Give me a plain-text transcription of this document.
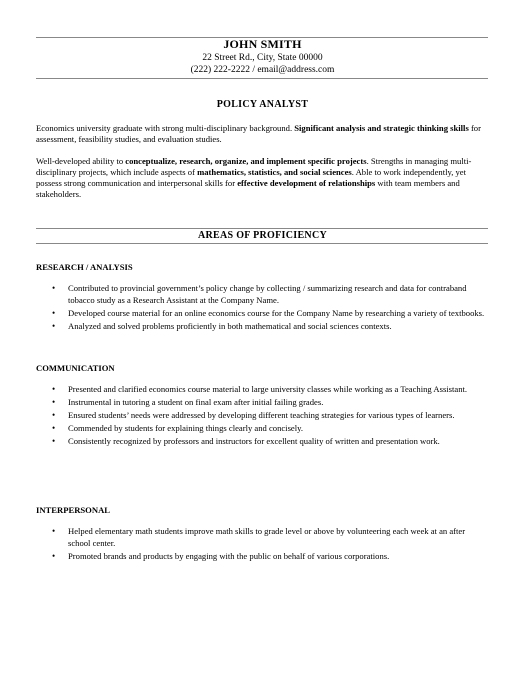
JOHN SMITH
22 Street Rd., City, State 00000
(222) 222-2222 / email@address.com
POLICY ANALYST
Economics university graduate with strong multi-disciplinary background. Significant analysis and strategic thinking skills for assessment, feasibility studies, and evaluation studies.
Well-developed ability to conceptualize, research, organize, and implement specific projects. Strengths in managing multi-disciplinary projects, which include aspects of mathematics, statistics, and social sciences. Able to work independently, yet possess strong communication and interpersonal skills for effective development of relationships with team members and stakeholders.
AREAS OF PROFICIENCY
RESEARCH / ANALYSIS
• Contributed to provincial government’s policy change by collecting / summarizing research and data for contraband tobacco study as a Research Assistant at the Company Name.
• Developed course material for an online economics course for the Company Name by researching a variety of textbooks.
• Analyzed and solved problems proficiently in both mathematical and social sciences contexts.
COMMUNICATION
• Presented and clarified economics course material to large university classes while working as a Teaching Assistant.
• Instrumental in tutoring a student on final exam after initial failing grades.
• Ensured students’ needs were addressed by developing different teaching strategies for various types of learners.
• Commended by students for explaining things clearly and concisely.
• Consistently recognized by professors and instructors for excellent quality of written and presentation work.
INTERPERSONAL
• Helped elementary math students improve math skills to grade level or above by volunteering each week at an after school center.
• Promoted brands and products by engaging with the public on behalf of various corporations.
